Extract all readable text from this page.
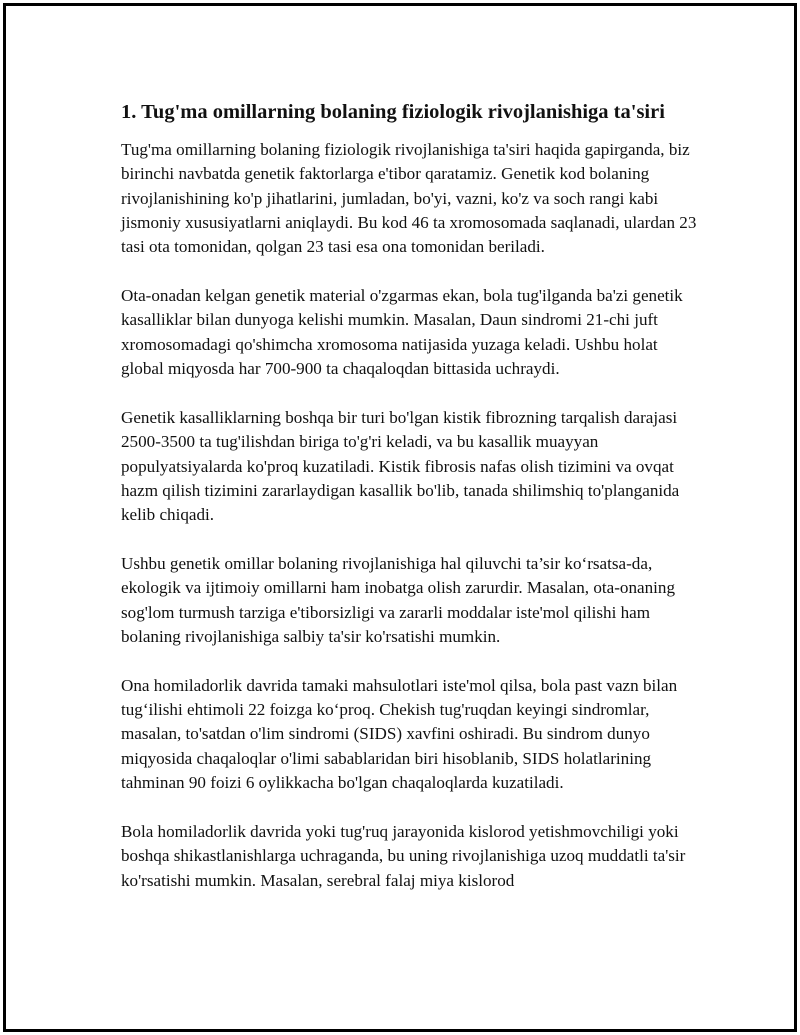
1. Tug'ma omillarning bolaning fiziologik rivojlanishiga ta'siri

Tug'ma omillarning bolaning fiziologik rivojlanishiga ta'siri haqida gapirganda, biz birinchi navbatda genetik faktorlarga e'tibor qaratamiz. Genetik kod bolaning rivojlanishining ko'p jihatlarini, jumladan, bo'yi, vazni, ko'z va soch rangi kabi jismoniy xususiyatlarni aniqlaydi. Bu kod 46 ta xromosomada saqlanadi, ulardan 23 tasi ota tomonidan, qolgan 23 tasi esa ona tomonidan beriladi.

Ota-onadan kelgan genetik material o'zgarmas ekan, bola tug'ilganda ba'zi genetik kasalliklar bilan dunyoga kelishi mumkin. Masalan, Daun sindromi 21-chi juft xromosomadagi qo'shimcha xromosoma natijasida yuzaga keladi. Ushbu holat global miqyosda har 700-900 ta chaqaloqdan bittasida uchraydi.

Genetik kasalliklarning boshqa bir turi bo'lgan kistik fibrozning tarqalish darajasi 2500-3500 ta tug'ilishdan biriga to'g'ri keladi, va bu kasallik muayyan populyatsiyalarda ko'proq kuzatiladi. Kistik fibrosis nafas olish tizimini va ovqat hazm qilish tizimini zararlaydigan kasallik bo'lib, tanada shilimshiq to'planganida kelib chiqadi.

Ushbu genetik omillar bolaning rivojlanishiga hal qiluvchi ta’sir ko‘rsatsa-da, ekologik va ijtimoiy omillarni ham inobatga olish zarurdir. Masalan, ota-onaning sog'lom turmush tarziga e'tiborsizligi va zararli moddalar iste'mol qilishi ham bolaning rivojlanishiga salbiy ta'sir ko'rsatishi mumkin.

Ona homiladorlik davrida tamaki mahsulotlari iste'mol qilsa, bola past vazn bilan tug‘ilishi ehtimoli 22 foizga ko‘proq. Chekish tug'ruqdan keyingi sindromlar, masalan, to'satdan o'lim sindromi (SIDS) xavfini oshiradi. Bu sindrom dunyo miqyosida chaqaloqlar o'limi sabablaridan biri hisoblanib, SIDS holatlarining tahminan 90 foizi 6 oylikkacha bo'lgan chaqaloqlarda kuzatiladi.

Bola homiladorlik davrida yoki tug'ruq jarayonida kislorod yetishmovchiligi yoki boshqa shikastlanishlarga uchraganda, bu uning rivojlanishiga uzoq muddatli ta'sir ko'rsatishi mumkin. Masalan, serebral falaj miya kislorod
